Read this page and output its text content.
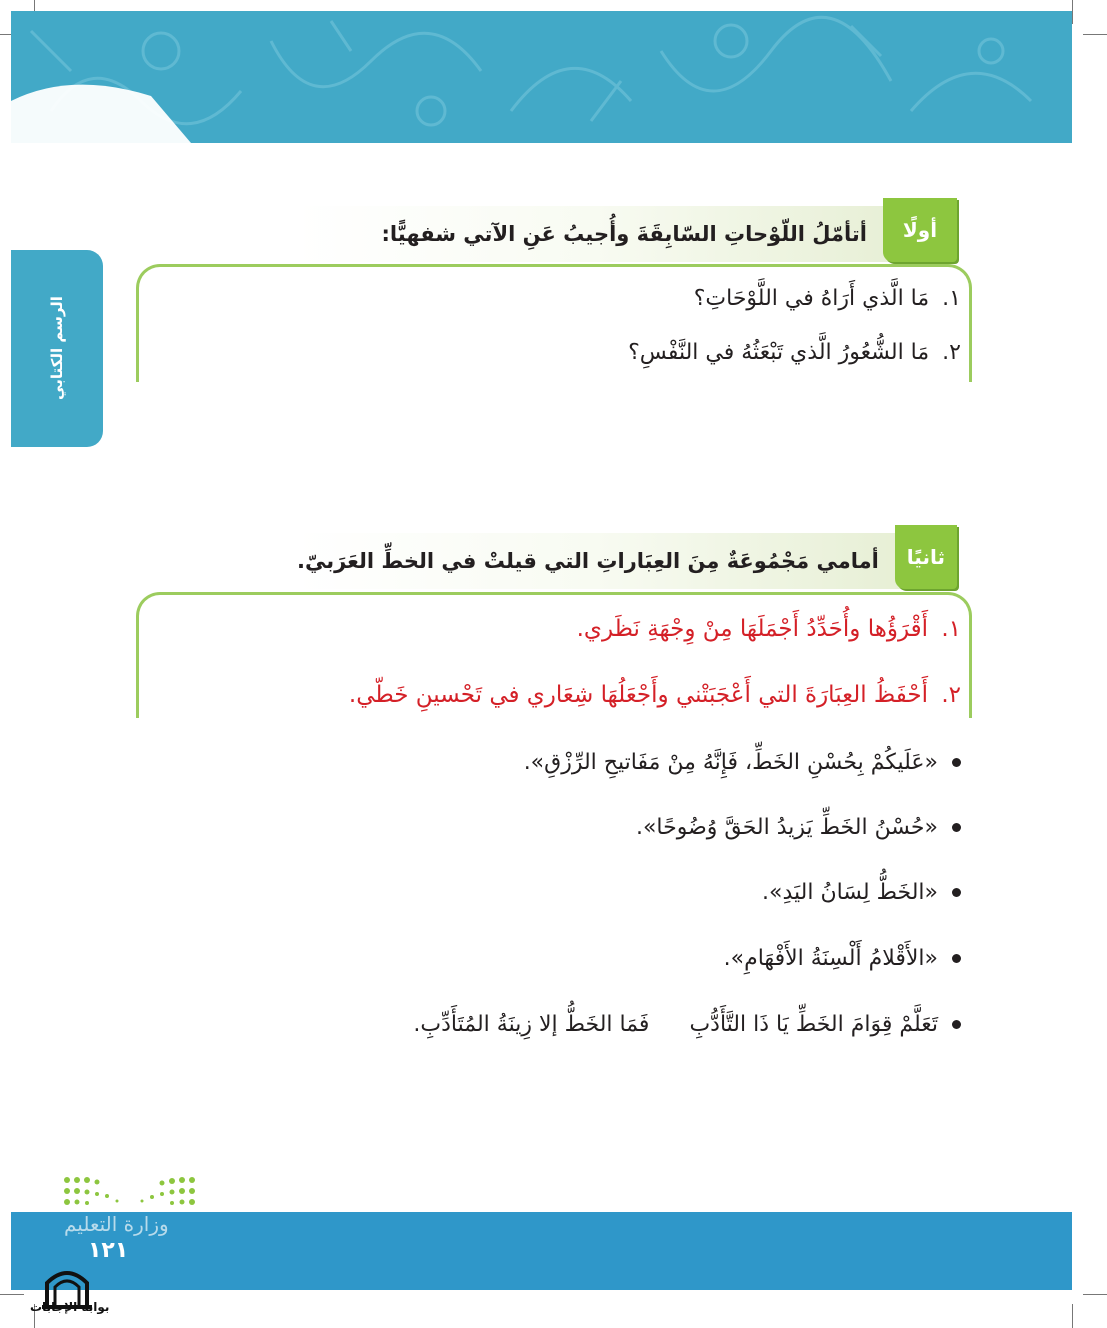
الرسم الكتابي
أولًا
أتأمّلُ اللّوْحاتِ السّابِقَةَ وأُجيبُ عَنِ الآتي شفهيًّا:
١. مَا الَّذي أَرَاهُ في اللَّوْحَاتِ؟
٢. مَا الشُّعُورُ الَّذي تَبْعَثُهُ في النَّفْسِ؟
ثانيًا
أمامي مَجْمُوعَةٌ مِنَ العِبَاراتِ التي قيلتْ في الخطِّ العَرَبيّ.
١. أَقْرَؤُها وأُحَدِّدُ أَجْمَلَهَا مِنْ وِجْهَةِ نَظَري.
٢. أَحْفَظُ العِبَارَةَ التي أَعْجَبَتْني وأَجْعَلُهَا شِعَاري في تَحْسينِ خَطّي.
«عَلَيكُمْ بِحُسْنِ الخَطِّ، فَإِنَّهُ مِنْ مَفَاتيحِ الرِّزْقِ».
«حُسْنُ الخَطِّ يَزيدُ الحَقَّ وُضُوحًا».
«الخَطُّ لِسَانُ اليَدِ».
«الأَقْلامُ أَلْسِنَةُ الأَفْهَامِ».
تَعَلَّمْ قِوَامَ الخَطِّ يَا ذَا التَّأَدُّبِ
فَمَا الخَطُّ إلا زِينَةُ المُتَأَدِّبِ.
وزارة التعليم
١٢١
بوابة الإجابات
